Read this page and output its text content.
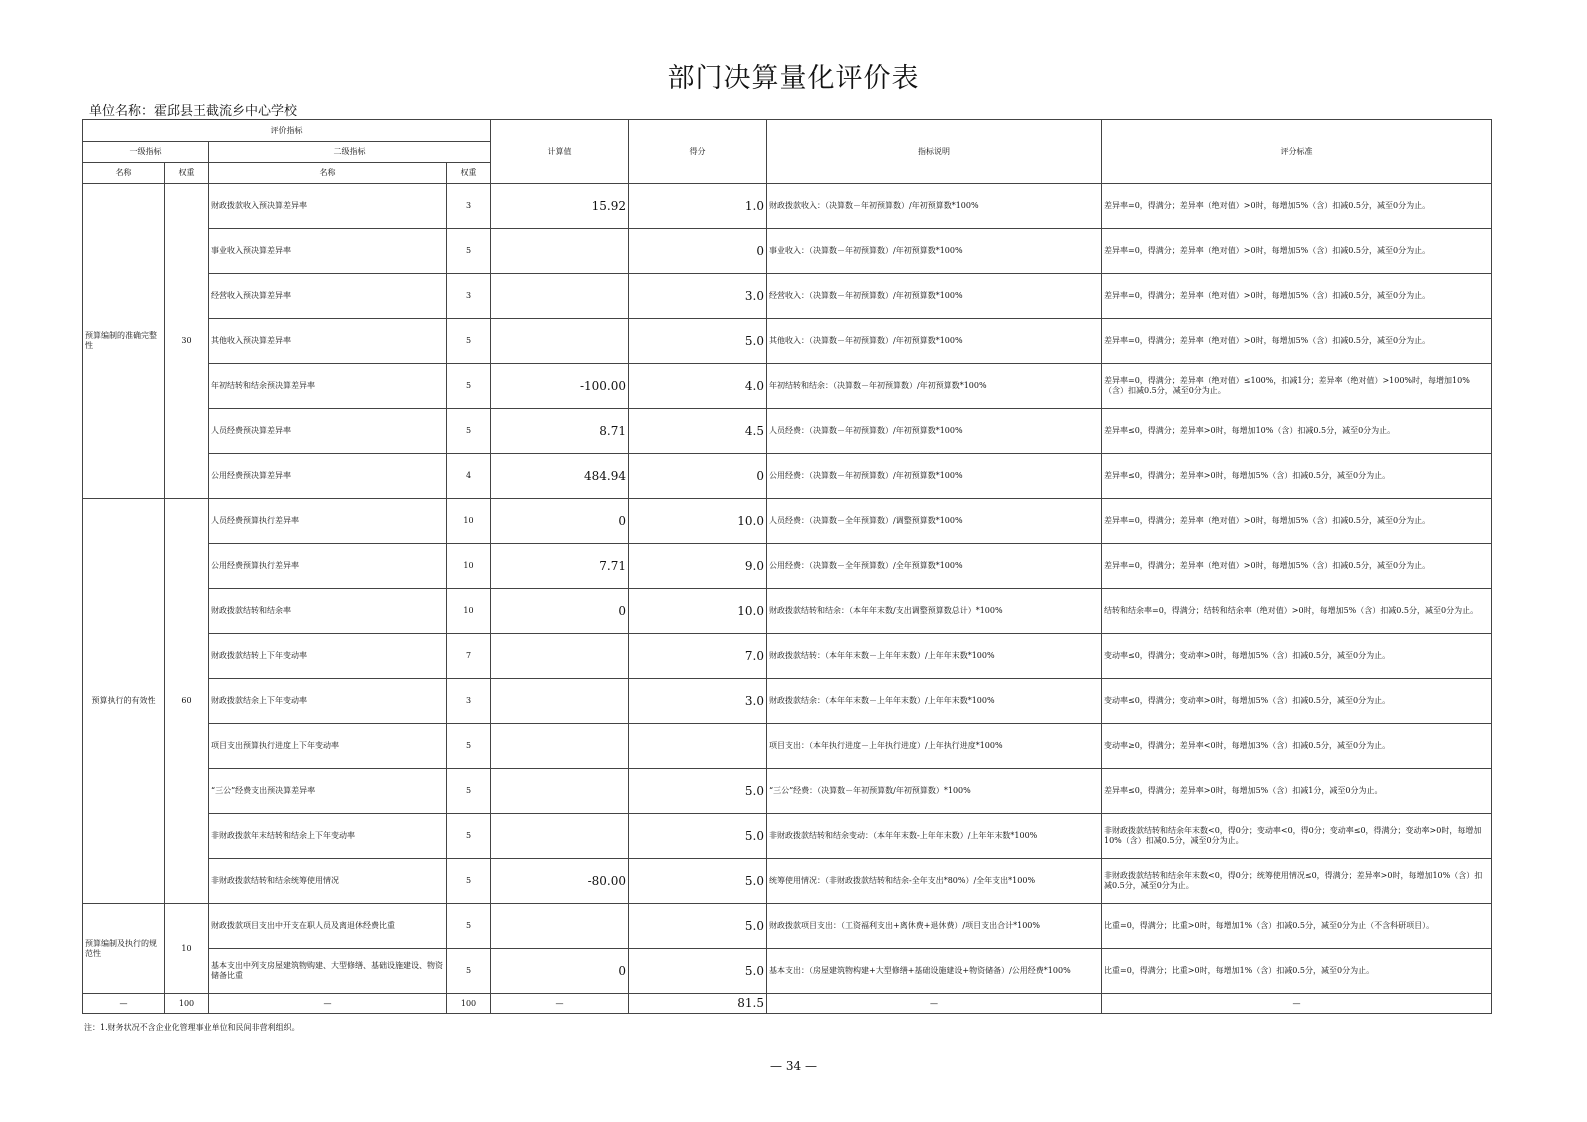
部门决算量化评价表
单位名称：霍邱县王截流乡中心学校
评价指标				计算值	得分	指标说明	评分标准
一级指标		二级指标					
名称	权重	名称	权重				
预算编制的准确完整性	30	财政拨款收入预决算差异率	3	15.92	1.0	财政拨款收入：（决算数－年初预算数）/年初预算数*100%	差异率=0，得满分；差异率（绝对值）>0时，每增加5%（含）扣减0.5分，减至0分为止。
		事业收入预决算差异率	5		0	事业收入：（决算数－年初预算数）/年初预算数*100%	差异率=0，得满分；差异率（绝对值）>0时，每增加5%（含）扣减0.5分，减至0分为止。
		经营收入预决算差异率	3		3.0	经营收入：（决算数－年初预算数）/年初预算数*100%	差异率=0，得满分；差异率（绝对值）>0时，每增加5%（含）扣减0.5分，减至0分为止。
		其他收入预决算差异率	5		5.0	其他收入：（决算数－年初预算数）/年初预算数*100%	差异率=0，得满分；差异率（绝对值）>0时，每增加5%（含）扣减0.5分，减至0分为止。
		年初结转和结余预决算差异率	5	-100.00	4.0	年初结转和结余：（决算数－年初预算数）/年初预算数*100%	差异率=0，得满分；差异率（绝对值）≤100%，扣减1分；差异率（绝对值）>100%时，每增加10%（含）扣减0.5分，减至0分为止。
		人员经费预决算差异率	5	8.71	4.5	人员经费：（决算数－年初预算数）/年初预算数*100%	差异率≤0，得满分；差异率>0时，每增加10%（含）扣减0.5分，减至0分为止。
		公用经费预决算差异率	4	484.94	0	公用经费：（决算数－年初预算数）/年初预算数*100%	差异率≤0，得满分；差异率>0时，每增加5%（含）扣减0.5分，减至0分为止。
预算执行的有效性	60	人员经费预算执行差异率	10	0	10.0	人员经费：（决算数－全年预算数）/调整预算数*100%	差异率=0，得满分；差异率（绝对值）>0时，每增加5%（含）扣减0.5分，减至0分为止。
		公用经费预算执行差异率	10	7.71	9.0	公用经费：（决算数－全年预算数）/全年预算数*100%	差异率=0，得满分；差异率（绝对值）>0时，每增加5%（含）扣减0.5分，减至0分为止。
		财政拨款结转和结余率	10	0	10.0	财政拨款结转和结余：（本年年末数/支出调整预算数总计）*100%	结转和结余率=0，得满分；结转和结余率（绝对值）>0时，每增加5%（含）扣减0.5分，减至0分为止。
		财政拨款结转上下年变动率	7		7.0	财政拨款结转：（本年年末数－上年年末数）/上年年末数*100%	变动率≤0，得满分；变动率>0时，每增加5%（含）扣减0.5分，减至0分为止。
		财政拨款结余上下年变动率	3		3.0	财政拨款结余：（本年年末数－上年年末数）/上年年末数*100%	变动率≤0，得满分；变动率>0时，每增加5%（含）扣减0.5分，减至0分为止。
		项目支出预算执行进度上下年变动率	5			项目支出：（本年执行进度－上年执行进度）/上年执行进度*100%	变动率≥0，得满分；差异率<0时，每增加3%（含）扣减0.5分，减至0分为止。
		“三公”经费支出预决算差异率	5		5.0	“三公”经费：（决算数－年初预算数/年初预算数）*100%	差异率≤0，得满分；差异率>0时，每增加5%（含）扣减1分，减至0分为止。
		非财政拨款年末结转和结余上下年变动率	5		5.0	非财政拨款结转和结余变动：（本年年末数-上年年末数）/上年年末数*100%	非财政拨款结转和结余年末数<0，得0分；变动率<0，得0分；变动率≤0，得满分；变动率>0时，每增加10%（含）扣减0.5分，减至0分为止。
		非财政拨款结转和结余统筹使用情况	5	-80.00	5.0	统筹使用情况：（非财政拨款结转和结余-全年支出*80%）/全年支出*100%	非财政拨款结转和结余年末数<0，得0分；统筹使用情况≤0，得满分；差异率>0时，每增加10%（含）扣减0.5分，减至0分为止。
预算编制及执行的规范性	10	财政拨款项目支出中开支在职人员及离退休经费比重	5		5.0	财政拨款项目支出：（工资福利支出+离休费+退休费）/项目支出合计*100%	比重=0，得满分；比重>0时，每增加1%（含）扣减0.5分，减至0分为止（不含科研项目）。
		基本支出中列支房屋建筑物购建、大型修缮、基础设施建设、物资储备比重	5	0	5.0	基本支出：（房屋建筑物构建+大型修缮+基础设施建设+物资储备）/公用经费*100%	比重=0，得满分；比重>0时，每增加1%（含）扣减0.5分，减至0分为止。
—	100	—	100	—	81.5	—	—
注：1.财务状况不含企业化管理事业单位和民间非营利组织。
— 34 —
